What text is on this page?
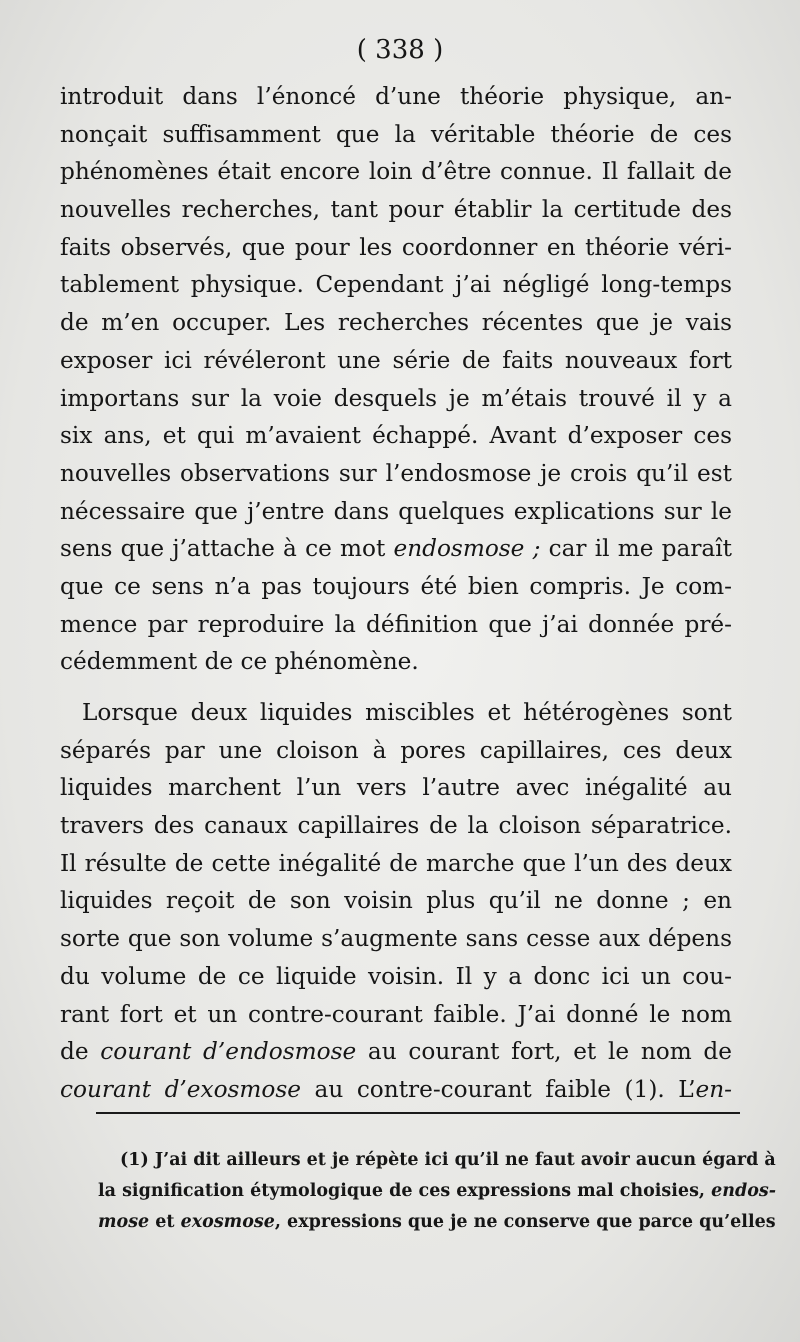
( 338 )
introduit dans l’énoncé d’une théorie physique, an-
nonçait suffisamment que la véritable théorie de ces
phénomènes était encore loin d’être connue. Il fallait de
nouvelles recherches, tant pour établir la certitude des
faits observés, que pour les coordonner en théorie véri-
tablement physique. Cependant j’ai négligé long-temps
de m’en occuper. Les recherches récentes que je vais
exposer ici révéleront une série de faits nouveaux fort
importans sur la voie desquels je m’étais trouvé il y a
six ans, et qui m’avaient échappé. Avant d’exposer ces
nouvelles observations sur l’endosmose je crois qu’il est
nécessaire que j’entre dans quelques explications sur le
sens que j’attache à ce mot endosmose ; car il me paraît
que ce sens n’a pas toujours été bien compris. Je com-
mence par reproduire la définition que j’ai donnée pré-
cédemment de ce phénomène.
Lorsque deux liquides miscibles et hétérogènes sont
séparés par une cloison à pores capillaires, ces deux
liquides marchent l’un vers l’autre avec inégalité au
travers des canaux capillaires de la cloison séparatrice.
Il résulte de cette inégalité de marche que l’un des deux
liquides reçoit de son voisin plus qu’il ne donne ; en
sorte que son volume s’augmente sans cesse aux dépens
du volume de ce liquide voisin. Il y a donc ici un cou-
rant fort et un contre-courant faible. J’ai donné le nom
de courant d’endosmose au courant fort, et le nom de
courant d’exosmose au contre-courant faible (1). L’en-
(1) J’ai dit ailleurs et je répète ici qu’il ne faut avoir aucun égard à
la signification étymologique de ces expressions mal choisies, endos-
mose et exosmose, expressions que je ne conserve que parce qu’elles
